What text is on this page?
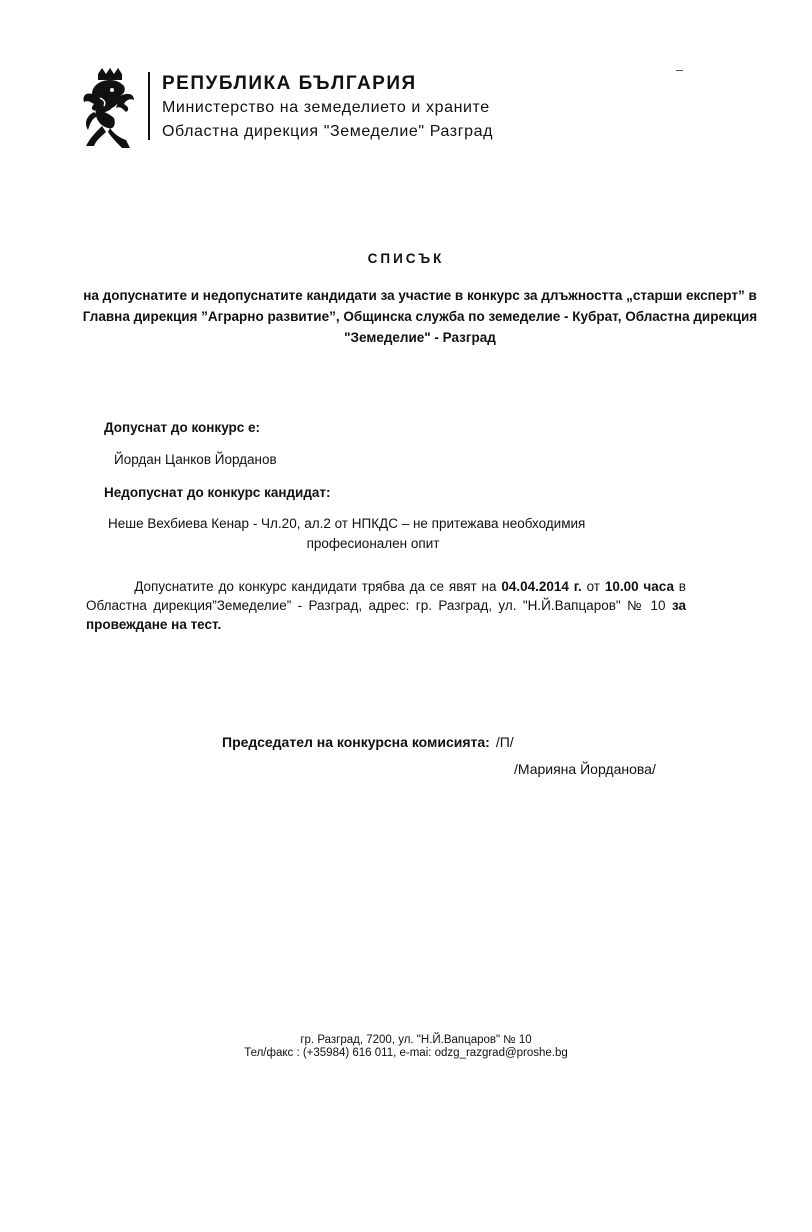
РЕПУБЛИКА БЪЛГАРИЯ
Министерство на земеделието и храните
Областна дирекция "Земеделие" Разград
СПИСЪК
на допуснатите и недопуснатите кандидати за участие в конкурс за длъжността „старши експерт” в Главна дирекция ”Аграрно развитие”, Общинска служба по земеделие - Кубрат, Областна дирекция "Земеделие" - Разград
Допуснат до конкурс е:
Йордан Цанков Йорданов
Недопуснат до конкурс кандидат:
Неше Вехбиева Кенар - Чл.20, ал.2 от НПКДС – не притежава необходимия
професионален опит
Допуснатите до конкурс кандидати трябва да се явят на 04.04.2014 г. от 10.00 часа в Областна дирекция”Земеделие” - Разград, адрес: гр. Разград, ул. "Н.Й.Вапцаров" № 10 за провеждане на тест.
Председател на конкурсна комисията: /П/
/Марияна Йорданова/
гр. Разград, 7200, ул. "Н.Й.Вапцаров" № 10
Тел/факс : (+35984) 616 011, e-mai: odzg_razgrad@proshe.bg
